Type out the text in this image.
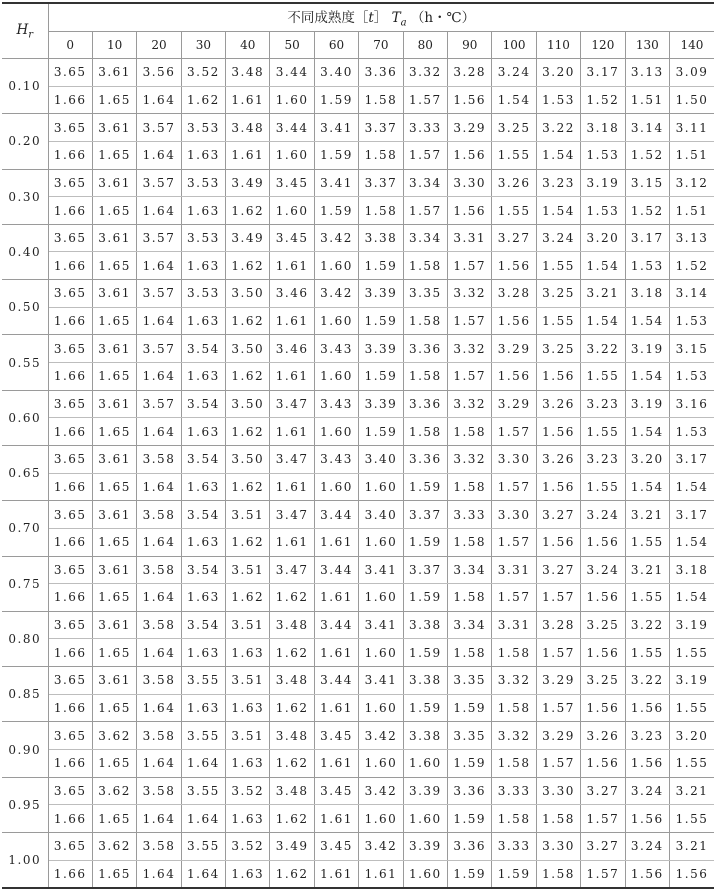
$H_r$	不同成熟度［t］ $T_a$ （h・℃）														
	0	10	20	30	40	50	60	70	80	90	100	110	120	130	140
0.10	3.65	3.61	3.56	3.52	3.48	3.44	3.40	3.36	3.32	3.28	3.24	3.20	3.17	3.13	3.09
	1.66	1.65	1.64	1.62	1.61	1.60	1.59	1.58	1.57	1.56	1.54	1.53	1.52	1.51	1.50
0.20	3.65	3.61	3.57	3.53	3.48	3.44	3.41	3.37	3.33	3.29	3.25	3.22	3.18	3.14	3.11
	1.66	1.65	1.64	1.63	1.61	1.60	1.59	1.58	1.57	1.56	1.55	1.54	1.53	1.52	1.51
0.30	3.65	3.61	3.57	3.53	3.49	3.45	3.41	3.37	3.34	3.30	3.26	3.23	3.19	3.15	3.12
	1.66	1.65	1.64	1.63	1.62	1.60	1.59	1.58	1.57	1.56	1.55	1.54	1.53	1.52	1.51
0.40	3.65	3.61	3.57	3.53	3.49	3.45	3.42	3.38	3.34	3.31	3.27	3.24	3.20	3.17	3.13
	1.66	1.65	1.64	1.63	1.62	1.61	1.60	1.59	1.58	1.57	1.56	1.55	1.54	1.53	1.52
0.50	3.65	3.61	3.57	3.53	3.50	3.46	3.42	3.39	3.35	3.32	3.28	3.25	3.21	3.18	3.14
	1.66	1.65	1.64	1.63	1.62	1.61	1.60	1.59	1.58	1.57	1.56	1.55	1.54	1.54	1.53
0.55	3.65	3.61	3.57	3.54	3.50	3.46	3.43	3.39	3.36	3.32	3.29	3.25	3.22	3.19	3.15
	1.66	1.65	1.64	1.63	1.62	1.61	1.60	1.59	1.58	1.57	1.56	1.56	1.55	1.54	1.53
0.60	3.65	3.61	3.57	3.54	3.50	3.47	3.43	3.39	3.36	3.32	3.29	3.26	3.23	3.19	3.16
	1.66	1.65	1.64	1.63	1.62	1.61	1.60	1.59	1.58	1.58	1.57	1.56	1.55	1.54	1.53
0.65	3.65	3.61	3.58	3.54	3.50	3.47	3.43	3.40	3.36	3.32	3.30	3.26	3.23	3.20	3.17
	1.66	1.65	1.64	1.63	1.62	1.61	1.60	1.60	1.59	1.58	1.57	1.56	1.55	1.54	1.54
0.70	3.65	3.61	3.58	3.54	3.51	3.47	3.44	3.40	3.37	3.33	3.30	3.27	3.24	3.21	3.17
	1.66	1.65	1.64	1.63	1.62	1.61	1.61	1.60	1.59	1.58	1.57	1.56	1.56	1.55	1.54
0.75	3.65	3.61	3.58	3.54	3.51	3.47	3.44	3.41	3.37	3.34	3.31	3.27	3.24	3.21	3.18
	1.66	1.65	1.64	1.63	1.62	1.62	1.61	1.60	1.59	1.58	1.57	1.57	1.56	1.55	1.54
0.80	3.65	3.61	3.58	3.54	3.51	3.48	3.44	3.41	3.38	3.34	3.31	3.28	3.25	3.22	3.19
	1.66	1.65	1.64	1.63	1.63	1.62	1.61	1.60	1.59	1.58	1.58	1.57	1.56	1.55	1.55
0.85	3.65	3.61	3.58	3.55	3.51	3.48	3.44	3.41	3.38	3.35	3.32	3.29	3.25	3.22	3.19
	1.66	1.65	1.64	1.63	1.63	1.62	1.61	1.60	1.59	1.59	1.58	1.57	1.56	1.56	1.55
0.90	3.65	3.62	3.58	3.55	3.51	3.48	3.45	3.42	3.38	3.35	3.32	3.29	3.26	3.23	3.20
	1.66	1.65	1.64	1.64	1.63	1.62	1.61	1.60	1.60	1.59	1.58	1.57	1.56	1.56	1.55
0.95	3.65	3.62	3.58	3.55	3.52	3.48	3.45	3.42	3.39	3.36	3.33	3.30	3.27	3.24	3.21
	1.66	1.65	1.64	1.64	1.63	1.62	1.61	1.60	1.60	1.59	1.58	1.58	1.57	1.56	1.55
1.00	3.65	3.62	3.58	3.55	3.52	3.49	3.45	3.42	3.39	3.36	3.33	3.30	3.27	3.24	3.21
	1.66	1.65	1.64	1.64	1.63	1.62	1.61	1.61	1.60	1.59	1.59	1.58	1.57	1.56	1.56
